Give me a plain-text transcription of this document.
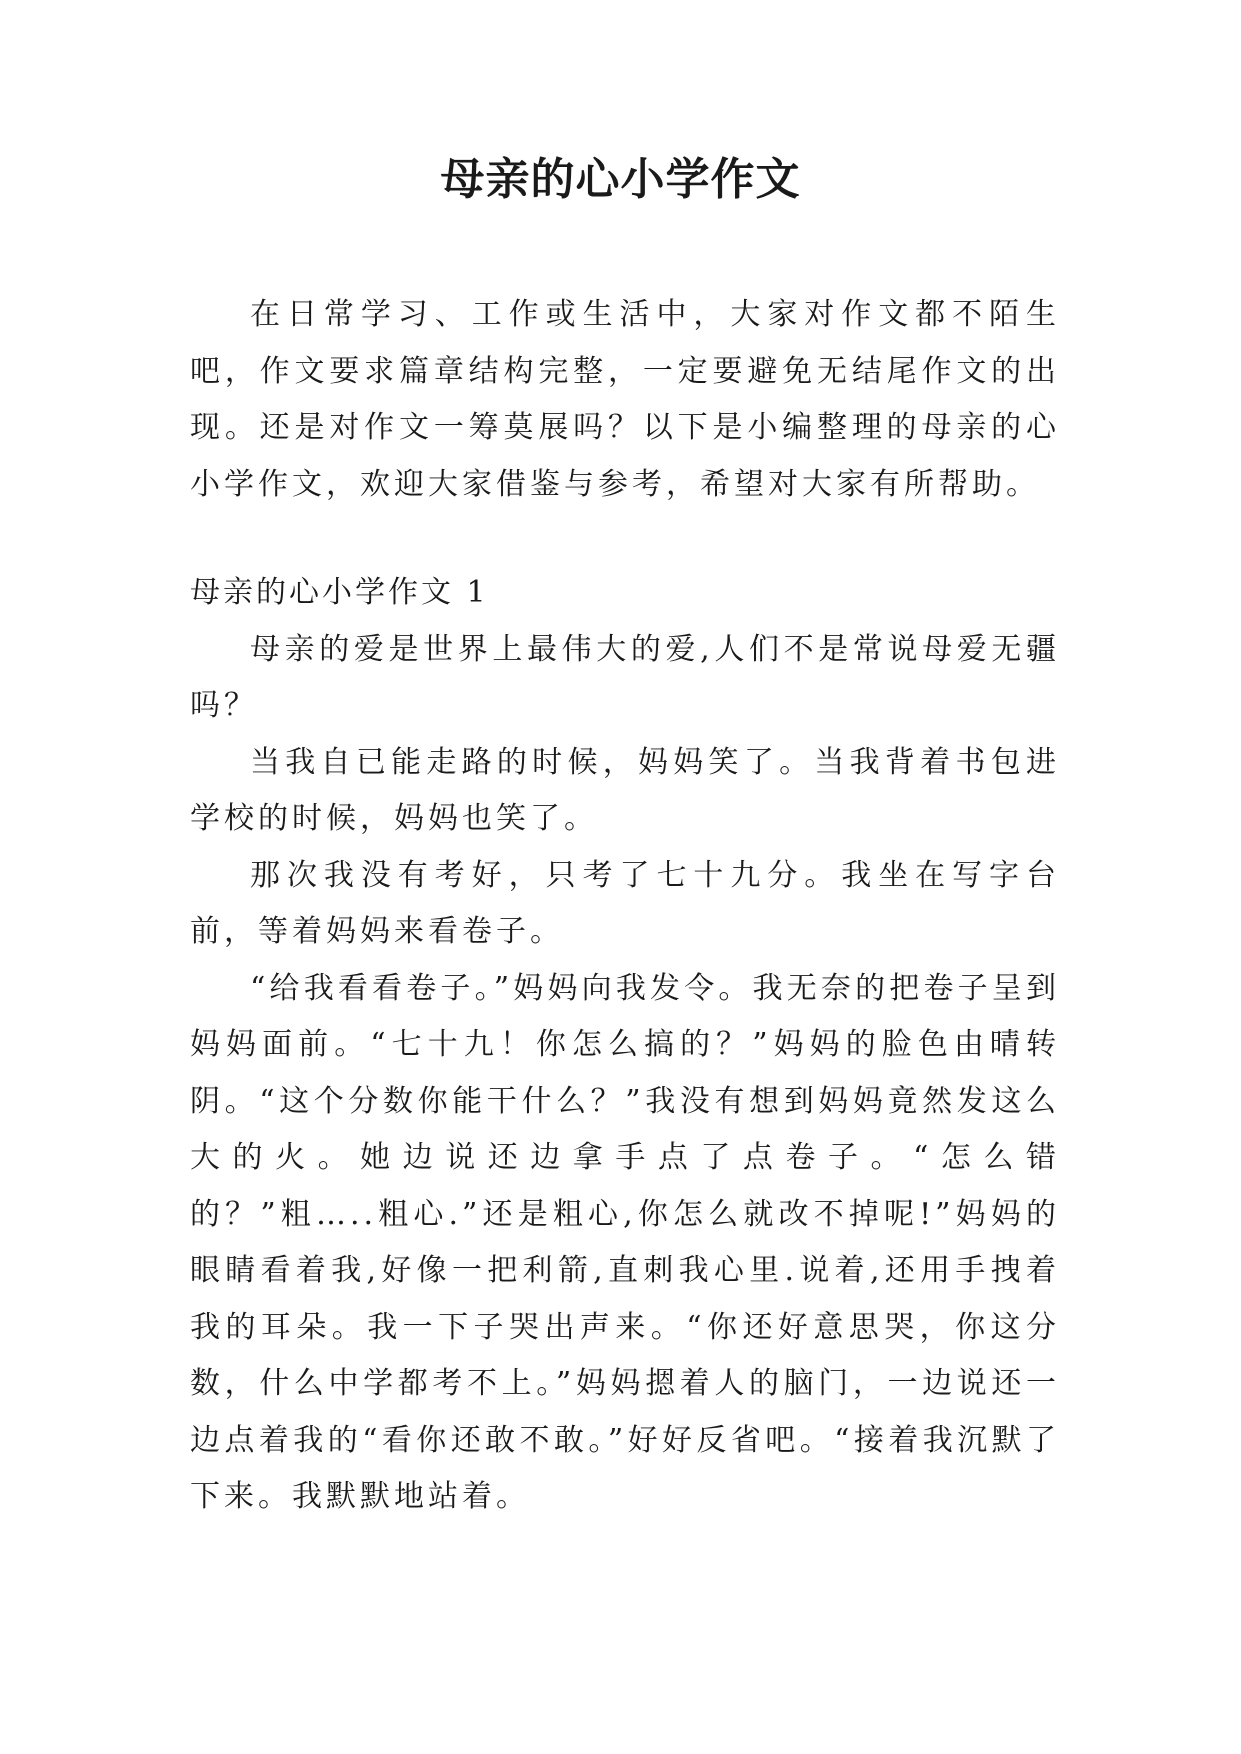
母亲的心小学作文

在日常学习、工作或生活中，大家对作文都不陌生吧，作文要求篇章结构完整，一定要避免无结尾作文的出现。还是对作文一筹莫展吗？以下是小编整理的母亲的心小学作文，欢迎大家借鉴与参考，希望对大家有所帮助。

母亲的心小学作文 1

母亲的爱是世界上最伟大的爱,人们不是常说母爱无疆吗？

当我自已能走路的时候，妈妈笑了。当我背着书包进学校的时候，妈妈也笑了。

那次我没有考好，只考了七十九分。我坐在写字台前，等着妈妈来看卷子。

“给我看看卷子。”妈妈向我发令。我无奈的把卷子呈到妈妈面前。“七十九！你怎么搞的？”妈妈的脸色由晴转阴。“这个分数你能干什么？”我没有想到妈妈竟然发这么大的火。她边说还边拿手点了点卷子。“怎么错的？”粗…..粗心.”还是粗心,你怎么就改不掉呢!”妈妈的眼睛看着我,好像一把利箭,直刺我心里.说着,还用手拽着我的耳朵。我一下子哭出声来。“你还好意思哭，你这分数，什么中学都考不上。”妈妈摁着人的脑门，一边说还一边点着我的“看你还敢不敢。”好好反省吧。“接着我沉默了下来。我默默地站着。
